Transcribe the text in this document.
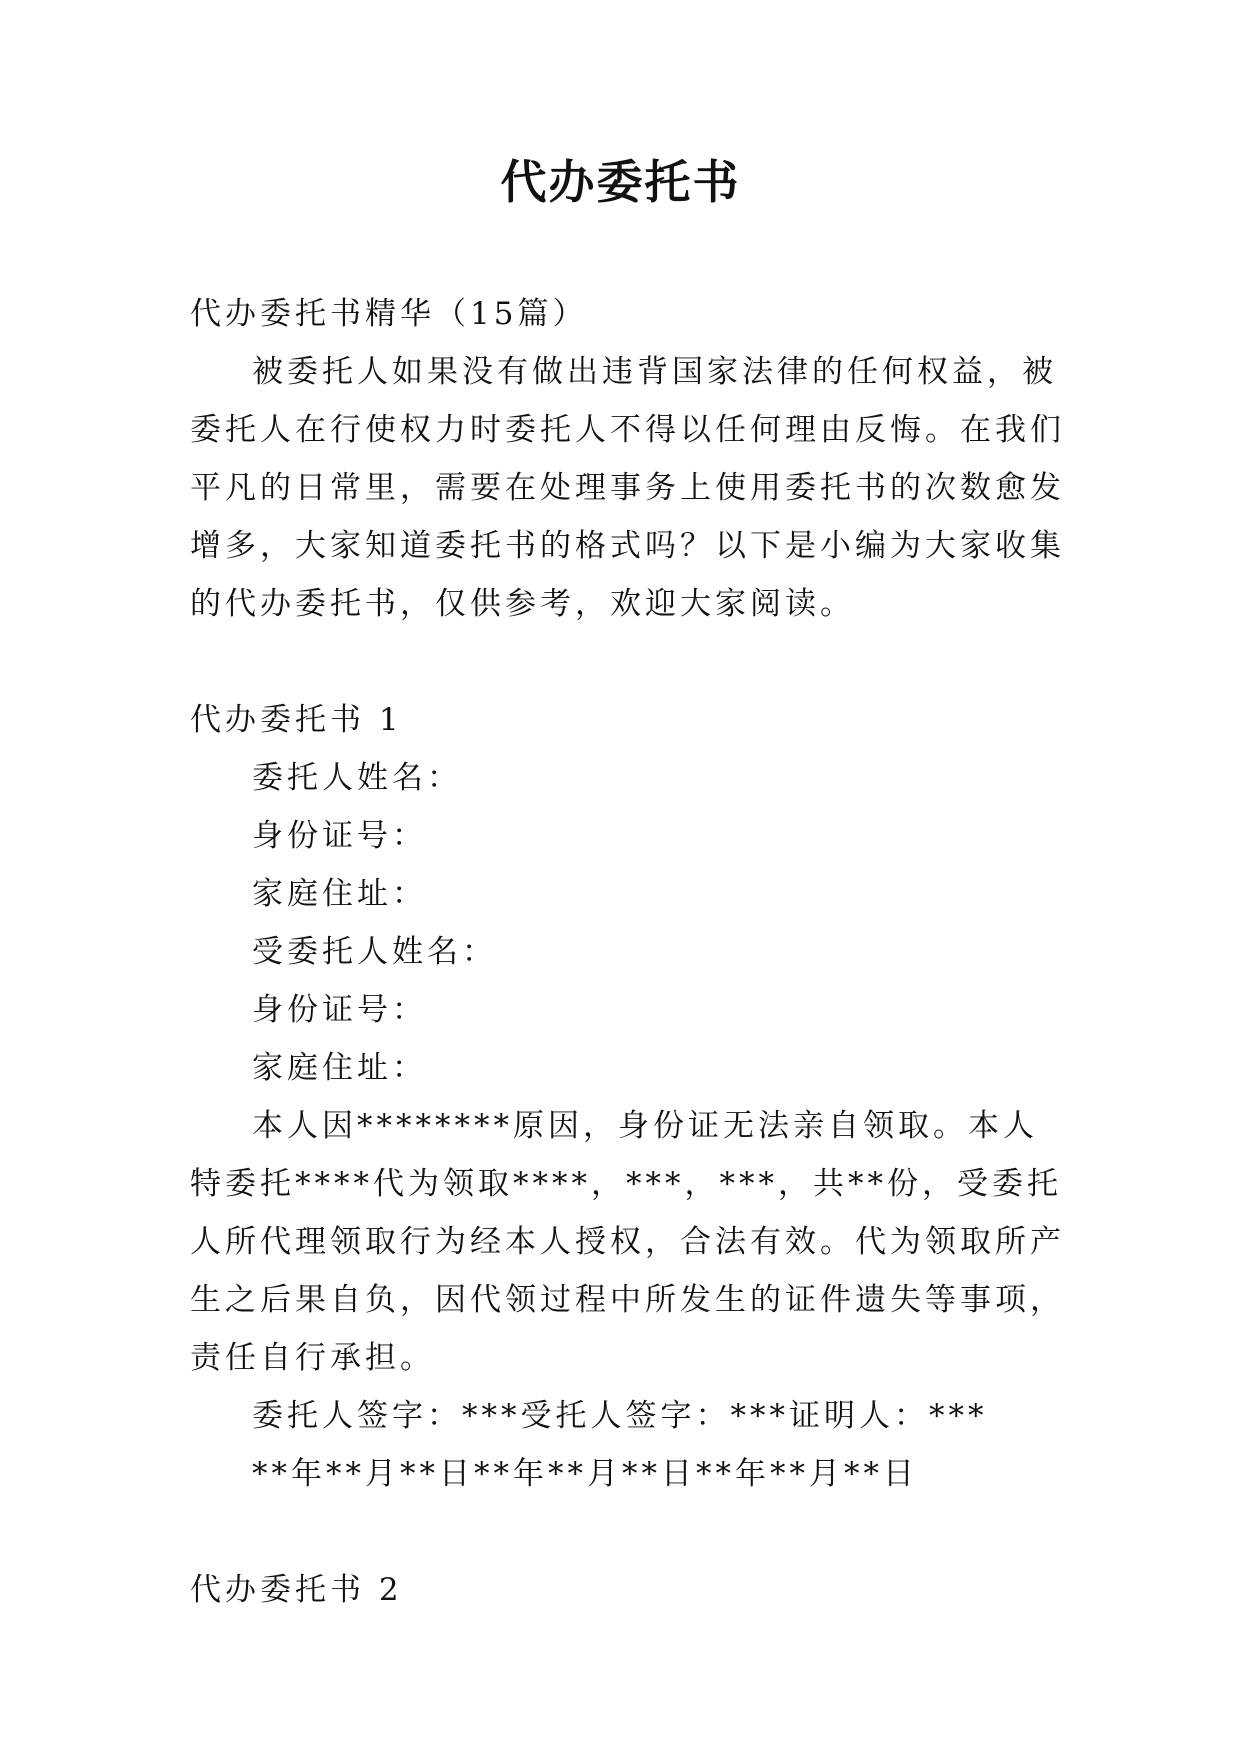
代办委托书

代办委托书精华（15篇）

被委托人如果没有做出违背国家法律的任何权益，被委托人在行使权力时委托人不得以任何理由反悔。在我们平凡的日常里，需要在处理事务上使用委托书的次数愈发增多，大家知道委托书的格式吗？以下是小编为大家收集的代办委托书，仅供参考，欢迎大家阅读。

代办委托书 1

委托人姓名：

身份证号：

家庭住址：

受委托人姓名：

身份证号：

家庭住址：

本人因********原因，身份证无法亲自领取。本人特委托****代为领取****，***，***，共**份，受委托人所代理领取行为经本人授权，合法有效。代为领取所产生之后果自负，因代领过程中所发生的证件遗失等事项，责任自行承担。

委托人签字：***受托人签字：***证明人：***

**年**月**日**年**月**日**年**月**日

代办委托书 2
